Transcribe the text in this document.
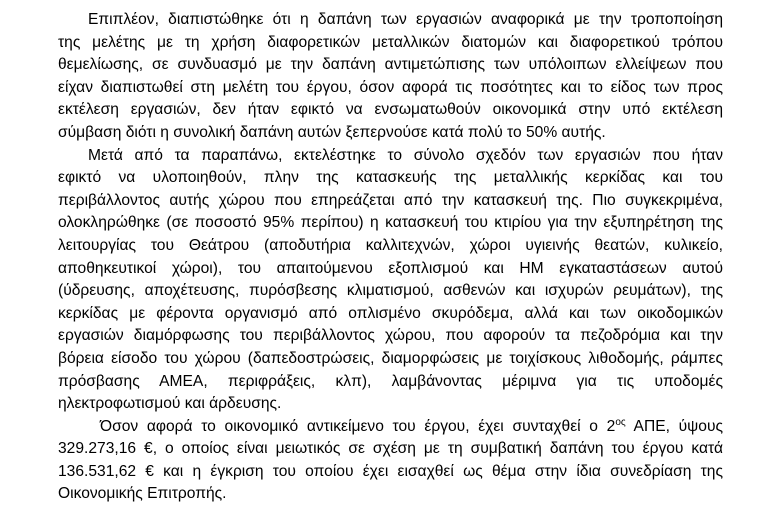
Επιπλέον, διαπιστώθηκε ότι η δαπάνη των εργασιών αναφορικά με την τροποποίηση
της μελέτης με τη χρήση διαφορετικών μεταλλικών διατομών και διαφορετικού τρόπου
θεμελίωσης, σε συνδυασμό με την δαπάνη αντιμετώπισης των υπόλοιπων ελλείψεων που
είχαν διαπιστωθεί στη μελέτη του έργου, όσον αφορά τις ποσότητες και το είδος των προς
εκτέλεση εργασιών, δεν ήταν εφικτό να ενσωματωθούν οικονομικά στην υπό εκτέλεση
σύμβαση διότι η συνολική δαπάνη αυτών ξεπερνούσε κατά πολύ το 50% αυτής.
Μετά από τα παραπάνω, εκτελέστηκε το σύνολο σχεδόν των εργασιών που ήταν
εφικτό να υλοποιηθούν, πλην της κατασκευής της μεταλλικής κερκίδας και του
περιβάλλοντος αυτής χώρου που επηρεάζεται από την κατασκευή της. Πιο συγκεκριμένα,
ολοκληρώθηκε (σε ποσοστό 95% περίπου) η κατασκευή του κτιρίου για την εξυπηρέτηση της
λειτουργίας του Θεάτρου (αποδυτήρια καλλιτεχνών, χώροι υγιεινής θεατών, κυλικείο,
αποθηκευτικοί χώροι), του απαιτούμενου εξοπλισμού και ΗΜ εγκαταστάσεων αυτού
(ύδρευσης, αποχέτευσης, πυρόσβεσης κλιματισμού, ασθενών και ισχυρών ρευμάτων), της
κερκίδας με φέροντα οργανισμό από οπλισμένο σκυρόδεμα, αλλά και των οικοδομικών
εργασιών διαμόρφωσης του περιβάλλοντος χώρου, που αφορούν τα πεζοδρόμια και την
βόρεια είσοδο του χώρου (δαπεδοστρώσεις, διαμορφώσεις με τοιχίσκους λιθοδομής, ράμπες
πρόσβασης ΑΜΕΑ, περιφράξεις, κλπ), λαμβάνοντας μέριμνα για τις υποδομές
ηλεκτροφωτισμού και άρδευσης.
Όσον αφορά το οικονομικό αντικείμενο του έργου, έχει συνταχθεί ο $2^{o\varsigma}$ ΑΠΕ, ύψους
329.273,16 €, ο οποίος είναι μειωτικός σε σχέση με τη συμβατική δαπάνη του έργου κατά
136.531,62 € και η έγκριση του οποίου έχει εισαχθεί ως θέμα στην ίδια συνεδρίαση της
Οικονομικής Επιτροπής.
